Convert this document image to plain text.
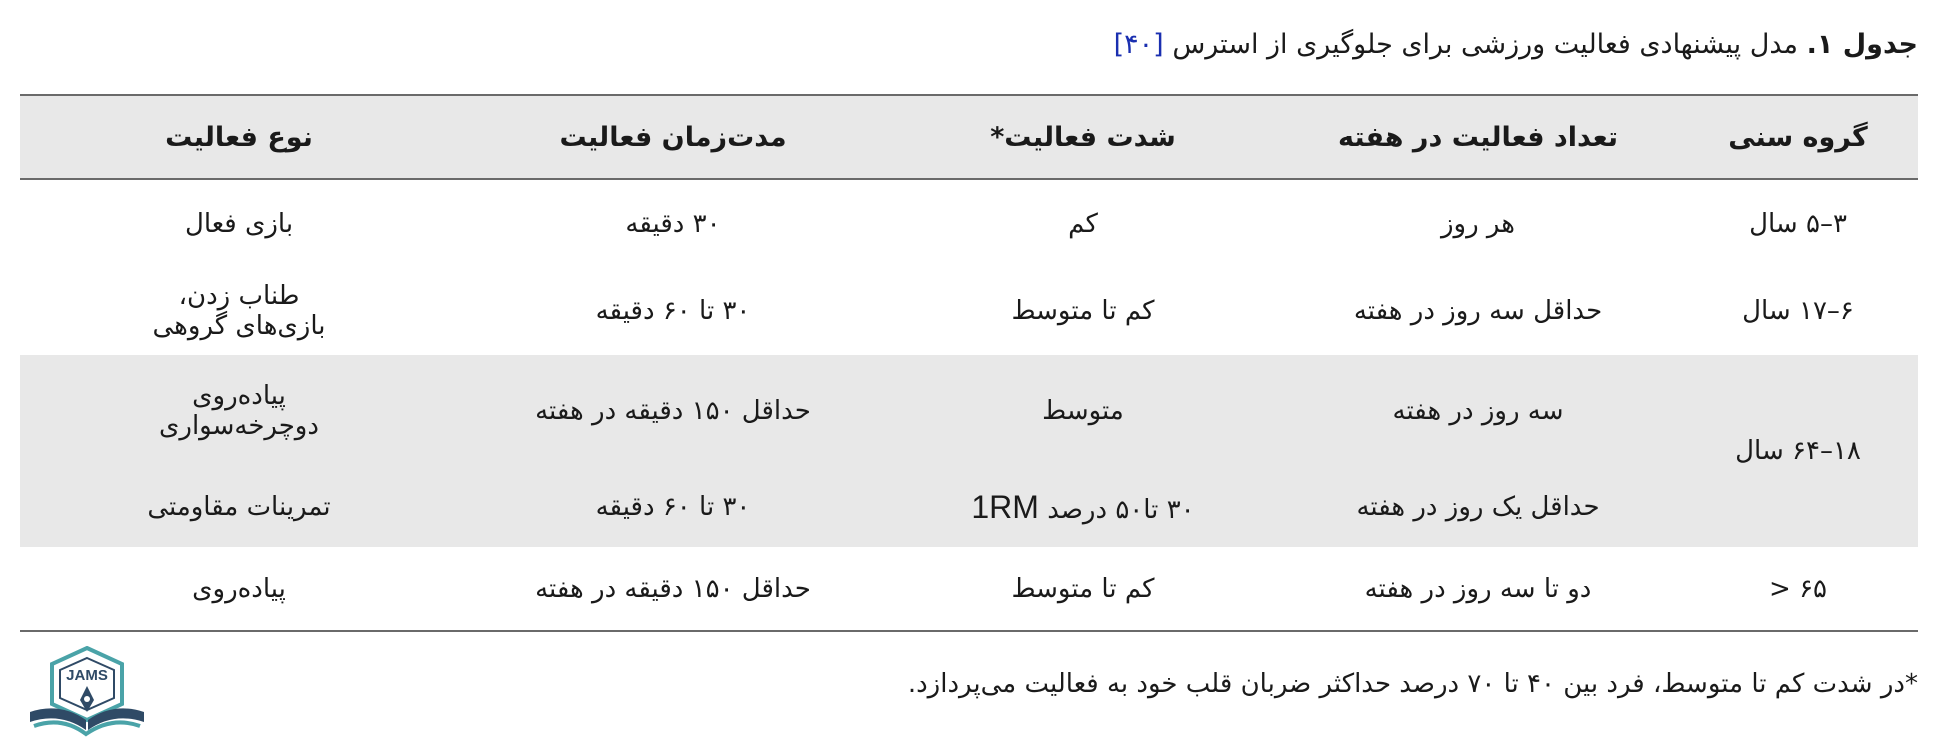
جدول ۱. مدل پیشنهادی فعالیت ورزشی برای جلوگیری از استرس [۴۰]
گروه سنی	تعداد فعالیت در هفته	شدت فعالیت*	مدت‌زمان فعالیت	نوع فعالیت
۳–۵ سال	هر روز	کم	۳۰ دقیقه	بازی فعال

۶–۱۷ سال	حداقل سه روز در هفته	کم تا متوسط	۳۰ تا ۶۰ دقیقه	طناب زدن،
بازی‌های گروهی

۱۸–۶۴ سال	سه روز در هفته	متوسط	حداقل ۱۵۰ دقیقه در هفته	پیاده‌روی
دوچرخه‌سواری

	حداقل یک روز در هفته	۳۰ تا۵۰ درصد 1RM	۳۰ تا ۶۰ دقیقه	تمرینات مقاومتی

۶۵ <	دو تا سه روز در هفته	کم تا متوسط	حداقل ۱۵۰ دقیقه در هفته	پیاده‌روی
*در شدت کم تا متوسط، فرد بین ۴۰ تا ۷۰ درصد حداکثر ضربان قلب خود به فعالیت می‌پردازد.
JAMS
